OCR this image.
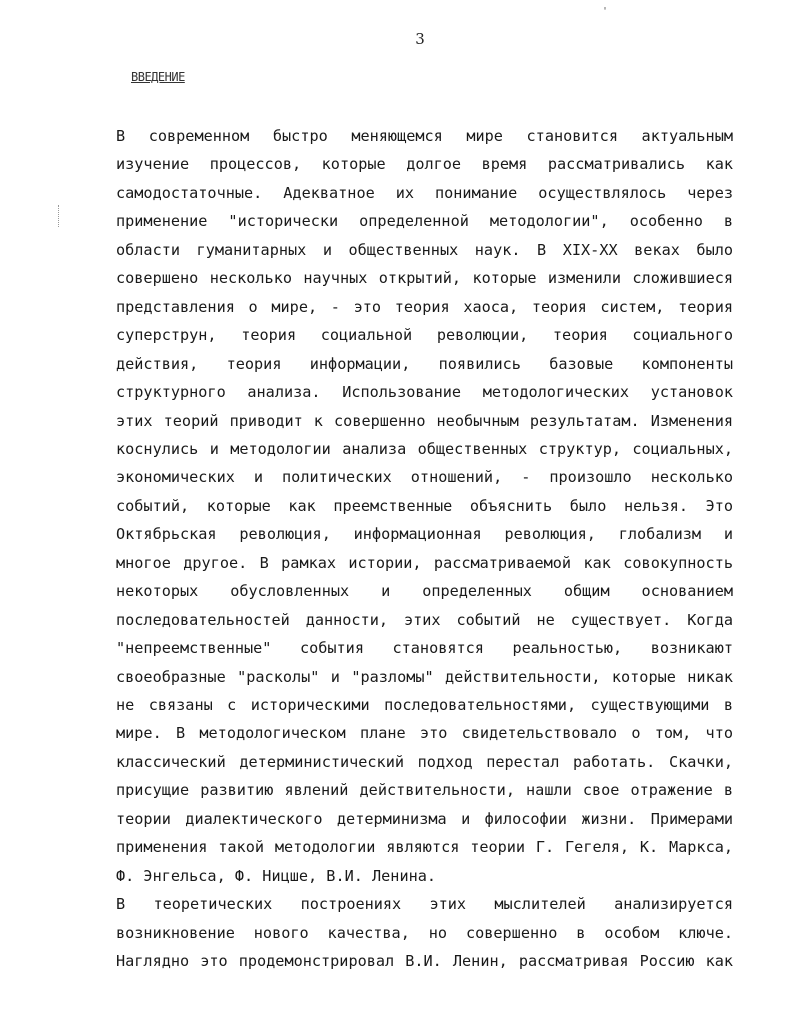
'
3
ВВЕДЕНИЕ
В современном быстро меняющемся мире становится актуальным
изучение процессов, которые долгое время рассматривались как
самодостаточные. Адекватное их понимание осуществлялось через
применение "исторически определенной методологии", особенно в
области гуманитарных и общественных наук. В XIX-XX веках было
совершено несколько научных открытий, которые изменили сложившиеся
представления о мире, - это теория хаоса, теория систем, теория
суперструн, теория социальной революции, теория социального
действия, теория информации, появились базовые компоненты
структурного анализа. Использование методологических установок
этих теорий приводит к совершенно необычным результатам. Изменения
коснулись и методологии анализа общественных структур, социальных,
экономических и политических отношений, - произошло несколько
событий, которые как преемственные объяснить было нельзя. Это
Октябрьская революция, информационная революция, глобализм и
многое другое. В рамках истории, рассматриваемой как совокупность
некоторых обусловленных и определенных общим основанием
последовательностей данности, этих событий не существует. Когда
"непреемственные" события становятся реальностью, возникают
своеобразные "расколы" и "разломы" действительности, которые никак
не связаны с историческими последовательностями, существующими в
мире. В методологическом плане это свидетельствовало о том, что
классический детерминистический подход перестал работать. Скачки,
присущие развитию явлений действительности, нашли свое отражение в
теории диалектического детерминизма и философии жизни. Примерами
применения такой методологии являются теории Г. Гегеля, К. Маркса,
Ф. Энгельса, Ф. Ницше, В.И. Ленина.
В теоретических построениях этих мыслителей анализируется
возникновение нового качества, но совершенно в особом ключе.
Наглядно это продемонстрировал В.И. Ленин, рассматривая Россию как
